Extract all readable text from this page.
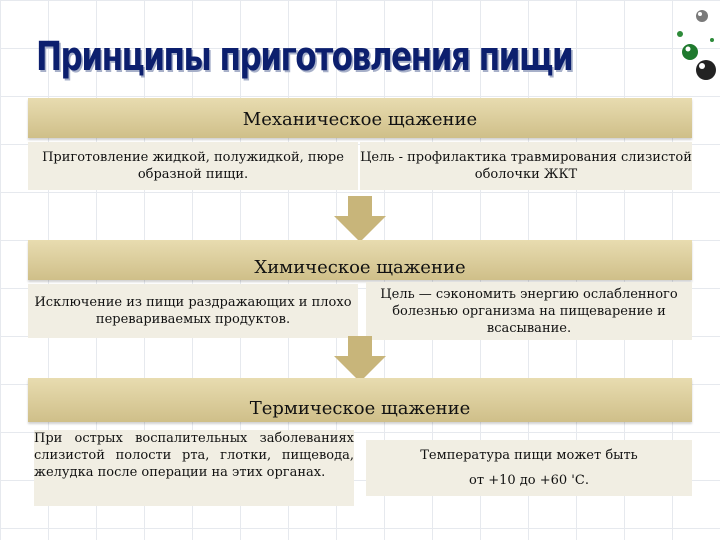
Принципы приготовления пищи
Механическое щажение
Приготовление жидкой, полужидкой, пюре образной пищи.
Цель - профилактика травмирования слизистой оболочки ЖКТ
Химическое щажение
Исключение из пищи раздражающих и плохо перевариваемых продуктов.
Цель — сэкономить энергию ослабленного болезнью организма на пищеварение и всасывание.
Термическое щажение
При острых воспалительных заболеваниях слизистой полости рта, глотки, пищевода, желудка после операции на этих органах.
Температура пищи может быть
от +10 до +60 'С.
